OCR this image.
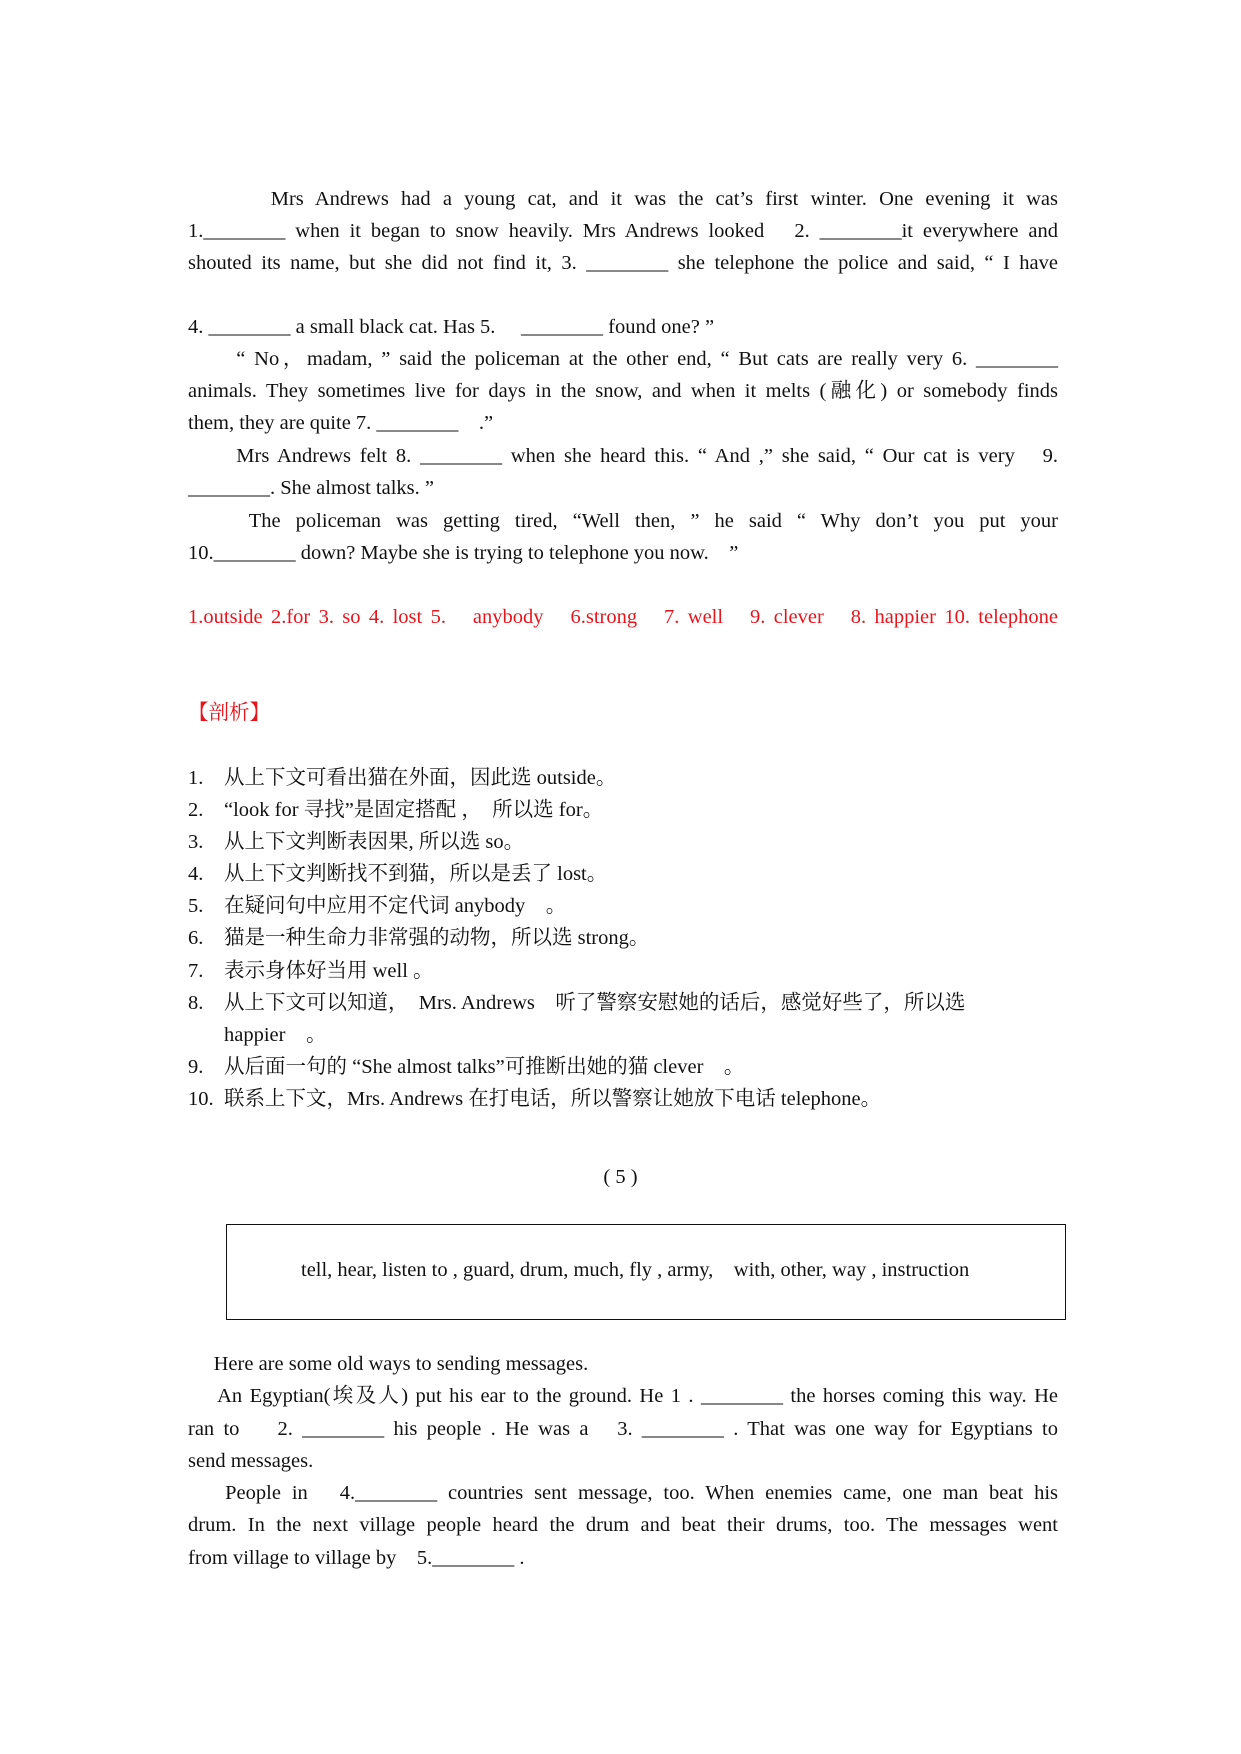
　　　Mrs Andrews had a young cat, and it was the cat’s first winter. One evening it was
1.________ when it began to snow heavily. Mrs Andrews looked　2. ________it everywhere and
shouted its name, but she did not find it, 3. ________ she telephone the police and said, “ I have
4. ________ a small black cat. Has 5.　 ________ found one? ”
　　“ No，madam, ” said the policeman at the other end, “ But cats are really very 6. ________
animals. They sometimes live for days in the snow, and when it melts (融化) or somebody finds
them, they are quite 7. ________　.”
　　Mrs Andrews felt 8. ________ when she heard this. “ And ,” she said, “ Our cat is very　9.
________. She almost talks. ”
　　The policeman was getting tired, “Well then, ” he said “ Why don’t you put your
10.________ down? Maybe she is trying to telephone you now.　”
1.outside 2.for 3. so 4. lost 5.　anybody　6.strong　7. well　9. clever　8. happier 10. telephone
【剖析】
1. 从上下文可看出猫在外面，因此选 outside。
2. “look for 寻找”是固定搭配 ，　所以选 for。
3. 从上下文判断表因果, 所以选 so。
4. 从上下文判断找不到猫，所以是丢了 lost。
5. 在疑问句中应用不定代词 anybody　。
6. 猫是一种生命力非常强的动物，所以选 strong。
7. 表示身体好当用 well 。
8. 从上下文可以知道，　Mrs. Andrews　听了警察安慰她的话后，感觉好些了，所以选
happier　。
9. 从后面一句的 “She almost talks”可推断出她的猫 clever　。
10. 联系上下文，Mrs. Andrews 在打电话，所以警察让她放下电话 telephone。
( 5 )
tell, hear, listen to , guard, drum, much, fly , army,　with, other, way , instruction
　 Here are some old ways to sending messages.
　 An Egyptian(埃及人) put his ear to the ground. He 1 . ________ the horses coming this way. He
ran to　 2. ________ his people . He was a　3. ________ . That was one way for Egyptians to
send messages.
　 People in　4.________ countries sent message, too. When enemies came, one man beat his
drum. In the next village people heard the drum and beat their drums, too. The messages went
from village to village by　5.________ .
